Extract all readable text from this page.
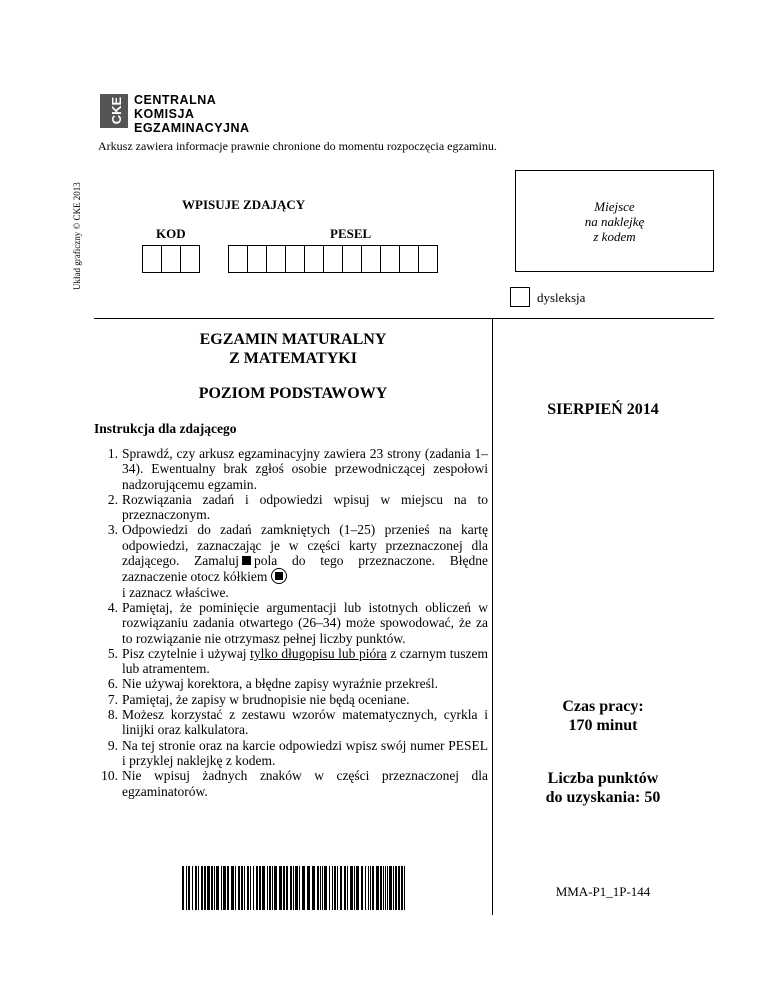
CKE CENTRALNA
KOMISJA
EGZAMINACYJNA
Arkusz zawiera informacje prawnie chronione do momentu rozpoczęcia egzaminu.
Układ graficzny © CKE 2013	WPISUJE ZDAJĄCY
KOD	PESEL
Miejsce
na naklejkę
z kodem
dysleksja
EGZAMIN MATURALNY
Z MATEMATYKI
POZIOM PODSTAWOWY
SIERPIEŃ 2014
Instrukcja dla zdającego
1. Sprawdź, czy arkusz egzaminacyjny zawiera 23 strony (zadania 1–34). Ewentualny brak zgłoś osobie przewodniczącej zespołowi nadzorującemu egzamin.
2. Rozwiązania zadań i odpowiedzi wpisuj w miejscu na to przeznaczonym.
3. Odpowiedzi do zadań zamkniętych (1–25) przenieś na kartę odpowiedzi, zaznaczając je w części karty przeznaczonej dla zdającego. Zamaluj pola do tego przeznaczone. Błędne zaznaczenie otocz kółkiem
i zaznacz właściwe.
4. Pamiętaj, że pominięcie argumentacji lub istotnych obliczeń w rozwiązaniu zadania otwartego (26–34) może spowodować, że za to rozwiązanie nie otrzymasz pełnej liczby punktów.
5. Pisz czytelnie i używaj tylko długopisu lub pióra z czarnym tuszem lub atramentem.
6. Nie używaj korektora, a błędne zapisy wyraźnie przekreśl.
7. Pamiętaj, że zapisy w brudnopisie nie będą oceniane.
8. Możesz korzystać z zestawu wzorów matematycznych, cyrkla i linijki oraz kalkulatora.
9. Na tej stronie oraz na karcie odpowiedzi wpisz swój numer PESEL i przyklej naklejkę z kodem.
10. Nie wpisuj żadnych znaków w części przeznaczonej dla egzaminatorów.
Czas pracy:
170 minut
Liczba punktów
do uzyskania: 50
MMA-P1_1P-144
